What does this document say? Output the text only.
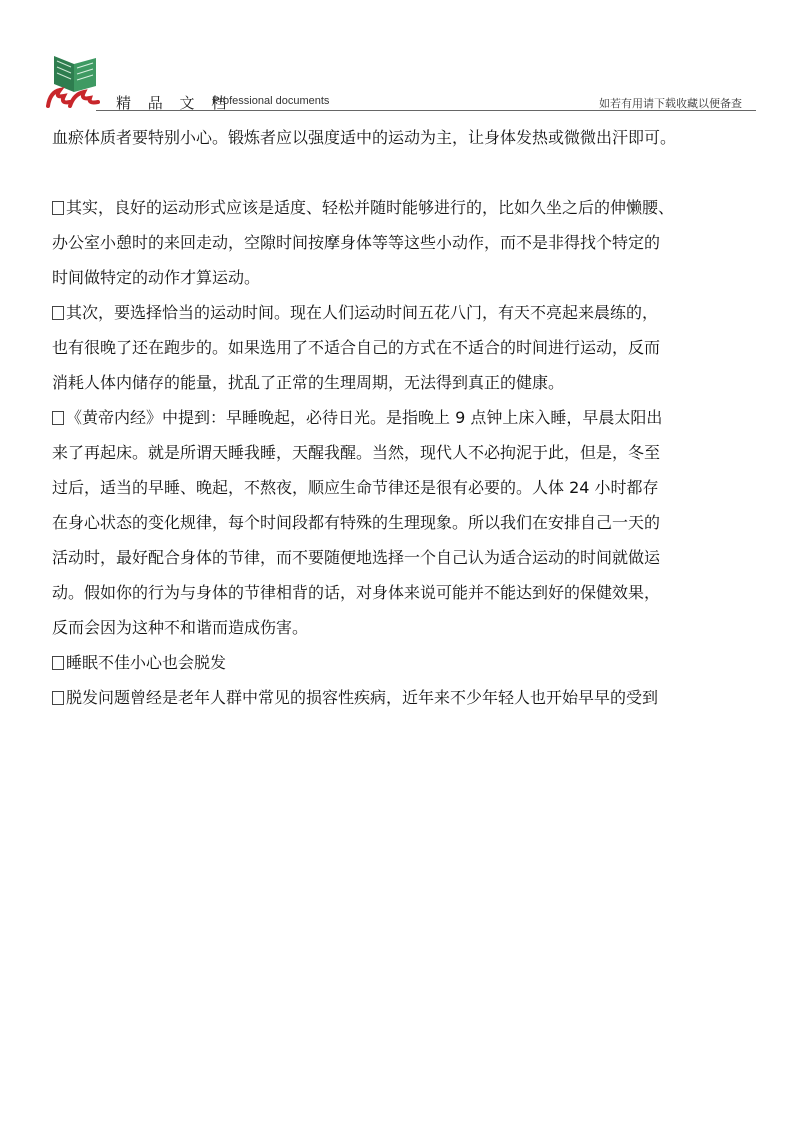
精 品 文 档
Professional documents	如若有用请下载收藏以便备查

血瘀体质者要特别小心。锻炼者应以强度适中的运动为主，让身体发热或微微出汗即可。

其实，良好的运动形式应该是适度、轻松并随时能够进行的，比如久坐之后的伸懒腰、

办公室小憩时的来回走动，空隙时间按摩身体等等这些小动作，而不是非得找个特定的

时间做特定的动作才算运动。

其次，要选择恰当的运动时间。现在人们运动时间五花八门，有天不亮起来晨练的，

也有很晚了还在跑步的。如果选用了不适合自己的方式在不适合的时间进行运动，反而

消耗人体内储存的能量，扰乱了正常的生理周期，无法得到真正的健康。

《黄帝内经》中提到：早睡晚起，必待日光。是指晚上 9 点钟上床入睡，早晨太阳出

来了再起床。就是所谓天睡我睡，天醒我醒。当然，现代人不必拘泥于此，但是，冬至

过后，适当的早睡、晚起，不熬夜，顺应生命节律还是很有必要的。人体 24 小时都存

在身心状态的变化规律，每个时间段都有特殊的生理现象。所以我们在安排自己一天的

活动时，最好配合身体的节律，而不要随便地选择一个自己认为适合运动的时间就做运

动。假如你的行为与身体的节律相背的话，对身体来说可能并不能达到好的保健效果，

反而会因为这种不和谐而造成伤害。

睡眠不佳小心也会脱发

脱发问题曾经是老年人群中常见的损容性疾病，近年来不少年轻人也开始早早的受到
